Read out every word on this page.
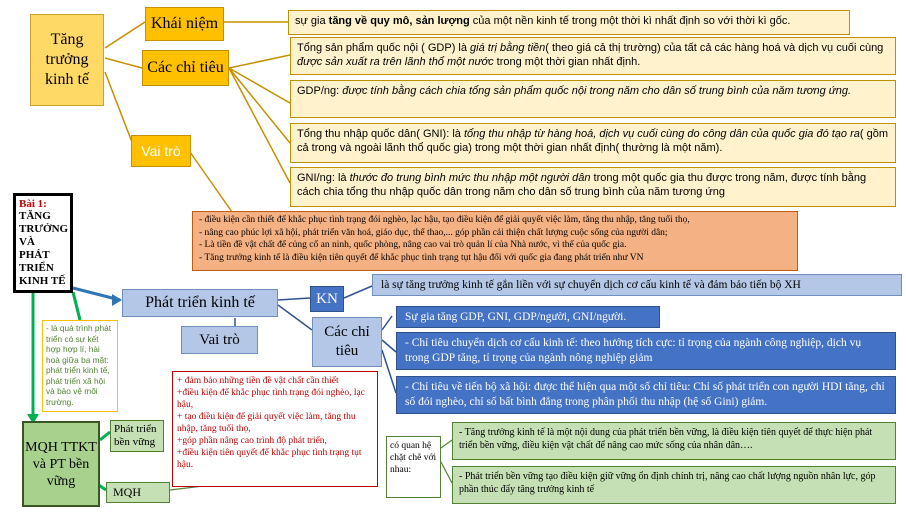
Tăng trưởng kinh tế
Khái niệm
Các chỉ tiêu
Vai trò
sự gia tăng về quy mô, sản lượng của một nền kinh tế trong một thời kì nhất định so với thời kì gốc.
Tổng sản phẩm quốc nội ( GDP) là giá trị bằng tiền( theo giá cả thị trường) của tất cả các hàng hoá và dịch vụ cuối cùng được sản xuất ra trên lãnh thổ một nước trong một thời gian nhất định.
GDP/ng: được tính bằng cách chia tổng sản phẩm quốc nội trong năm cho dân số trung bình của năm tương ứng.
Tổng thu nhập quốc dân( GNI): là tổng thu nhập từ hàng hoá, dịch vụ cuối cùng do công dân của quốc gia đó tạo ra( gồm cả trong và ngoài lãnh thổ quốc gia) trong một thời gian nhất định( thường là một năm).
GNI/ng: là thước đo trung bình mức thu nhập một người dân trong một quốc gia thu được trong năm, được tính bằng cách chia tổng thu nhập quốc dân trong năm cho dân số trung bình của năm tương ứng
- điều kiện cần thiết để khắc phục tình trạng đói nghèo, lạc hậu, tạo điều kiện để giải quyết việc làm, tăng thu nhập, tăng tuổi thọ,
- nâng cao phúc lợi xã hội, phát triển văn hoá, giáo dục, thể thao,... góp phần cải thiện chất lượng cuộc sống của người dân;
- Là tiền đề vật chất để củng cố an ninh, quốc phòng, nâng cao vai trò quản lí của Nhà nước, vì thế của quốc gia.
- Tăng trưởng kinh tế là điều kiện tiên quyết để khắc phục tình trạng tụt hậu đối với quốc gia đang phát triển như VN
Bài 1:
TĂNG TRƯỞNG VÀ PHÁT TRIỂN KINH TẾ
Phát triển kinh tế	KN
là sự tăng trưởng kinh tế gắn liền với sự chuyển dịch cơ cấu kinh tế và đảm bảo tiến bộ XH
- là quá trình phát triển có sự kết hợp hợp lí, hài hoà giữa ba mặt: phát triển kinh tế, phát triển xã hội và bảo vệ môi trường.
Vai trò	Các chỉ tiêu
Sự gia tăng GDP, GNI, GDP/người, GNI/người.
- Chỉ tiêu chuyển dịch cơ cấu kinh tế: theo hướng tích cực: tỉ trọng của ngành công nghiệp, dịch vụ trong GDP tăng, tỉ trọng của ngành nông nghiệp giảm
- Chỉ tiêu về tiến bộ xã hội: được thể hiện qua một số chỉ tiêu: Chỉ số phát triển con người HDI tăng, chỉ số đói nghèo, chỉ số bất bình đẳng trong phân phối thu nhập (hệ số Gini) giảm.
+ đảm bảo những tiền đề vật chất cần thiết
+điều kiện để khắc phục tình trạng đói nghèo, lạc hậu,
+ tạo điều kiện để giải quyết việc làm, tăng thu nhập, tăng tuổi thọ,
+góp phần nâng cao trình độ phát triển,
+điều kiện tiên quyết để khắc phục tình trạng tụt hậu.
MQH TTKT và PT bền vững
Phát triển bền vững
MQH
có quan hệ chặt chẽ với nhau:
- Tăng trưởng kinh tế là một nội dung của phát triển bền vững, là điều kiện tiên quyết để thực hiện phát triển bền vững, điều kiện vật chất để nâng cao mức sống của nhân dân….
- Phát triển bền vững tạo điều kiện giữ vững ổn định chính trị, nâng cao chất lượng nguồn nhân lực, góp phần thúc đẩy tăng trưởng kinh tế
